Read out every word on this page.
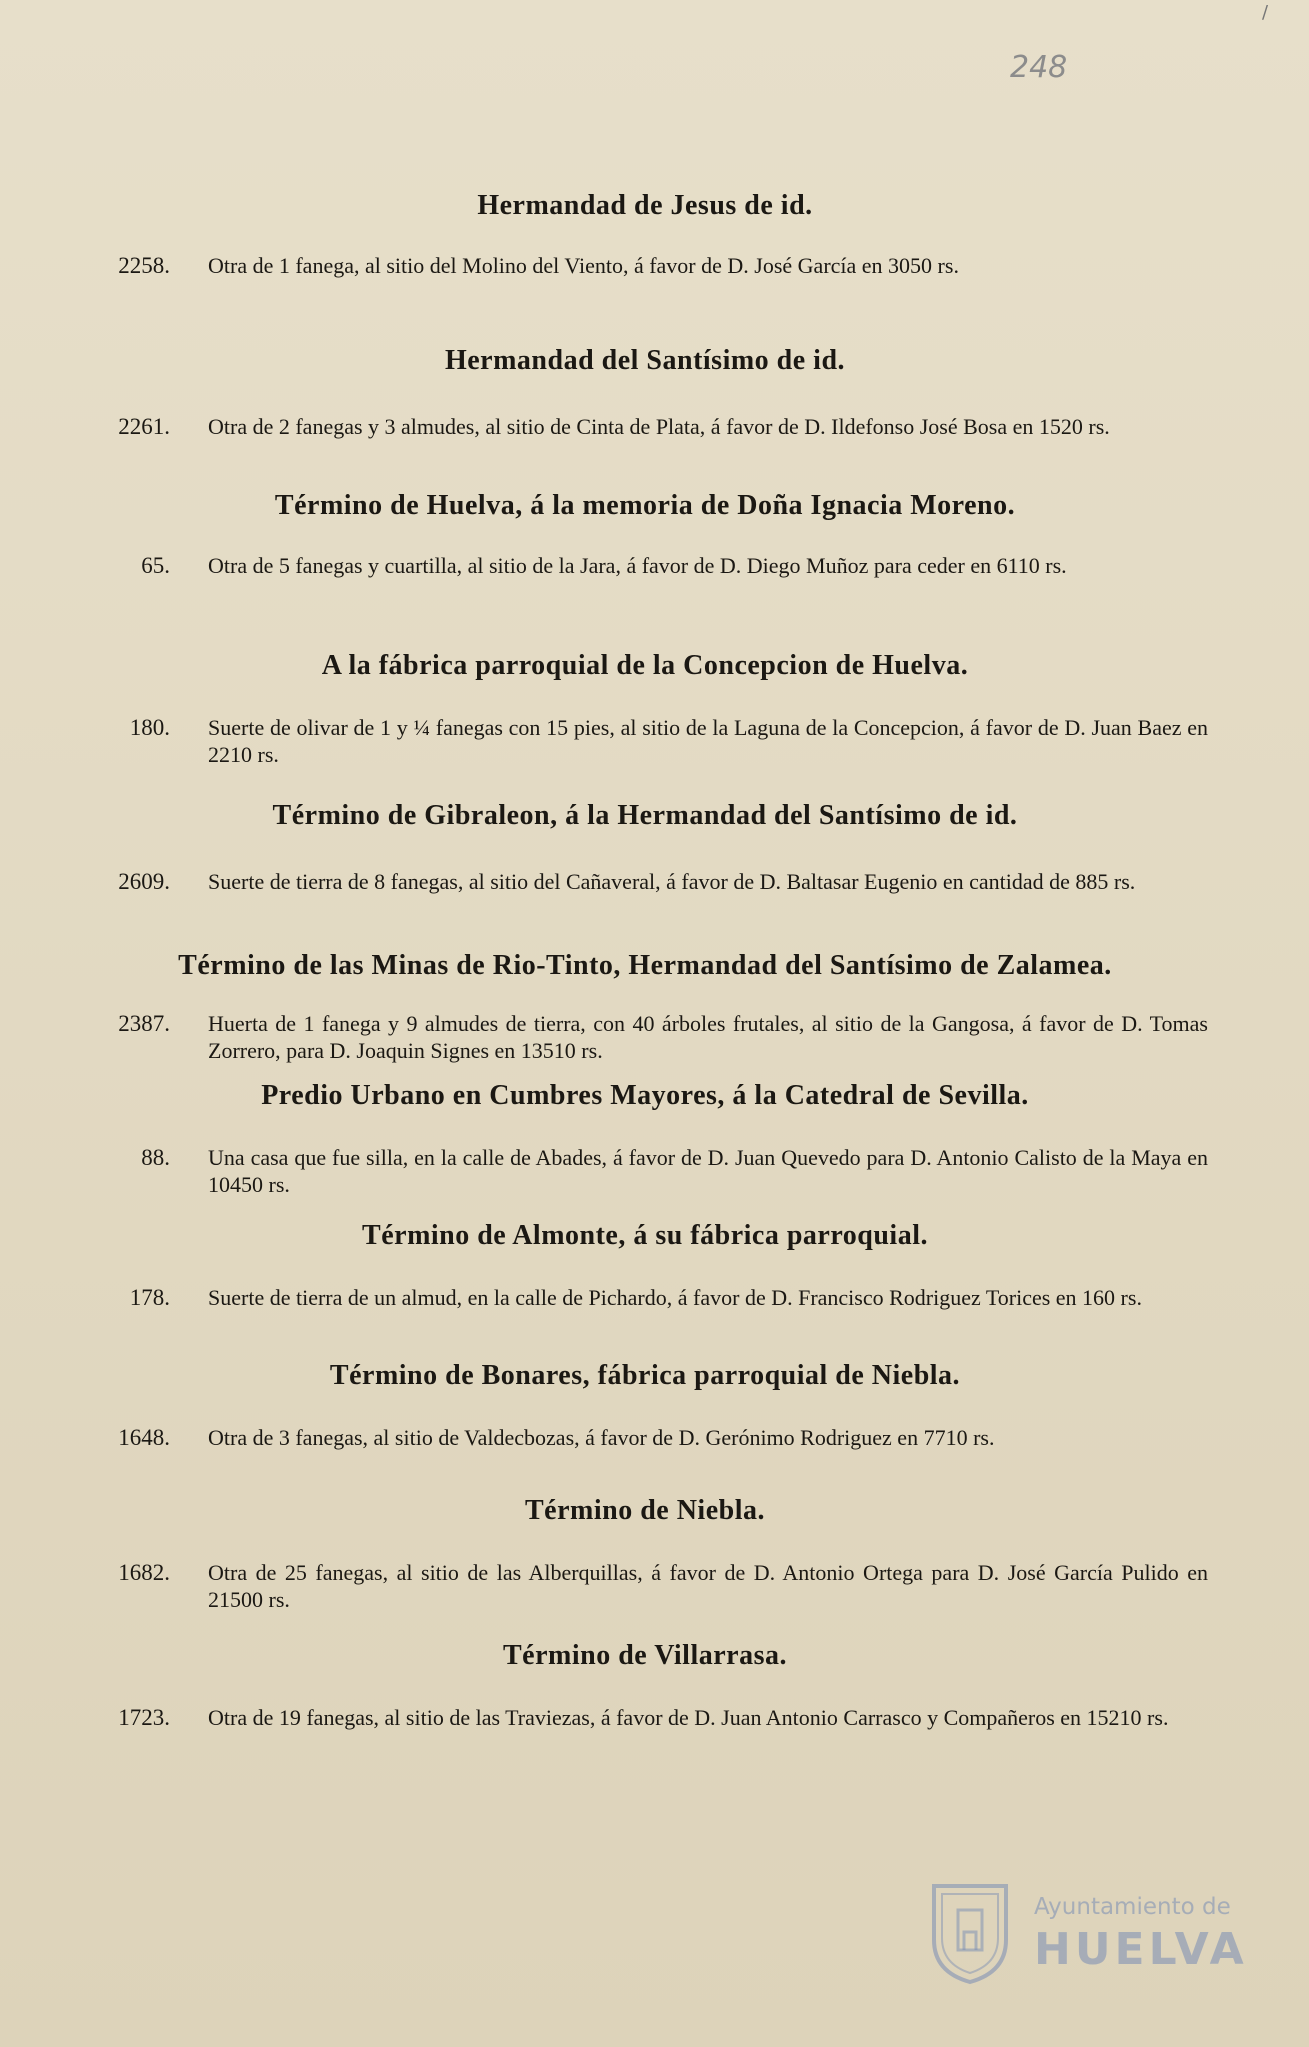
/
248
Hermandad de Jesus de id.
2258. Otra de 1 fanega, al sitio del Molino del Viento, á favor de D. José García en 3050 rs.
Hermandad del Santísimo de id.
2261. Otra de 2 fanegas y 3 almudes, al sitio de Cinta de Plata, á favor de D. Ildefonso José Bosa en 1520 rs.
Término de Huelva, á la memoria de Doña Ignacia Moreno.
65. Otra de 5 fanegas y cuartilla, al sitio de la Jara, á favor de D. Diego Muñoz para ceder en 6110 rs.
A la fábrica parroquial de la Concepcion de Huelva.
180. Suerte de olivar de 1 y ¼ fanegas con 15 pies, al sitio de la Laguna de la Concepcion, á favor de D. Juan Baez en 2210 rs.
Término de Gibraleon, á la Hermandad del Santísimo de id.
2609. Suerte de tierra de 8 fanegas, al sitio del Cañaveral, á favor de D. Baltasar Eugenio en cantidad de 885 rs.
Término de las Minas de Rio-Tinto, Hermandad del Santísimo de Zalamea.
2387. Huerta de 1 fanega y 9 almudes de tierra, con 40 árboles frutales, al sitio de la Gangosa, á favor de D. Tomas Zorrero, para D. Joaquin Signes en 13510 rs.
Predio Urbano en Cumbres Mayores, á la Catedral de Sevilla.
88. Una casa que fue silla, en la calle de Abades, á favor de D. Juan Quevedo para D. Antonio Calisto de la Maya en 10450 rs.
Término de Almonte, á su fábrica parroquial.
178. Suerte de tierra de un almud, en la calle de Pichardo, á favor de D. Francisco Rodriguez Torices en 160 rs.
Término de Bonares, fábrica parroquial de Niebla.
1648. Otra de 3 fanegas, al sitio de Valdecbozas, á favor de D. Gerónimo Rodriguez en 7710 rs.
Término de Niebla.
1682. Otra de 25 fanegas, al sitio de las Alberquillas, á favor de D. Antonio Ortega para D. José García Pulido en 21500 rs.
Término de Villarrasa.
1723. Otra de 19 fanegas, al sitio de las Traviezas, á favor de D. Juan Antonio Carrasco y Compañeros en 15210 rs.
Ayuntamiento de
HUELVA
